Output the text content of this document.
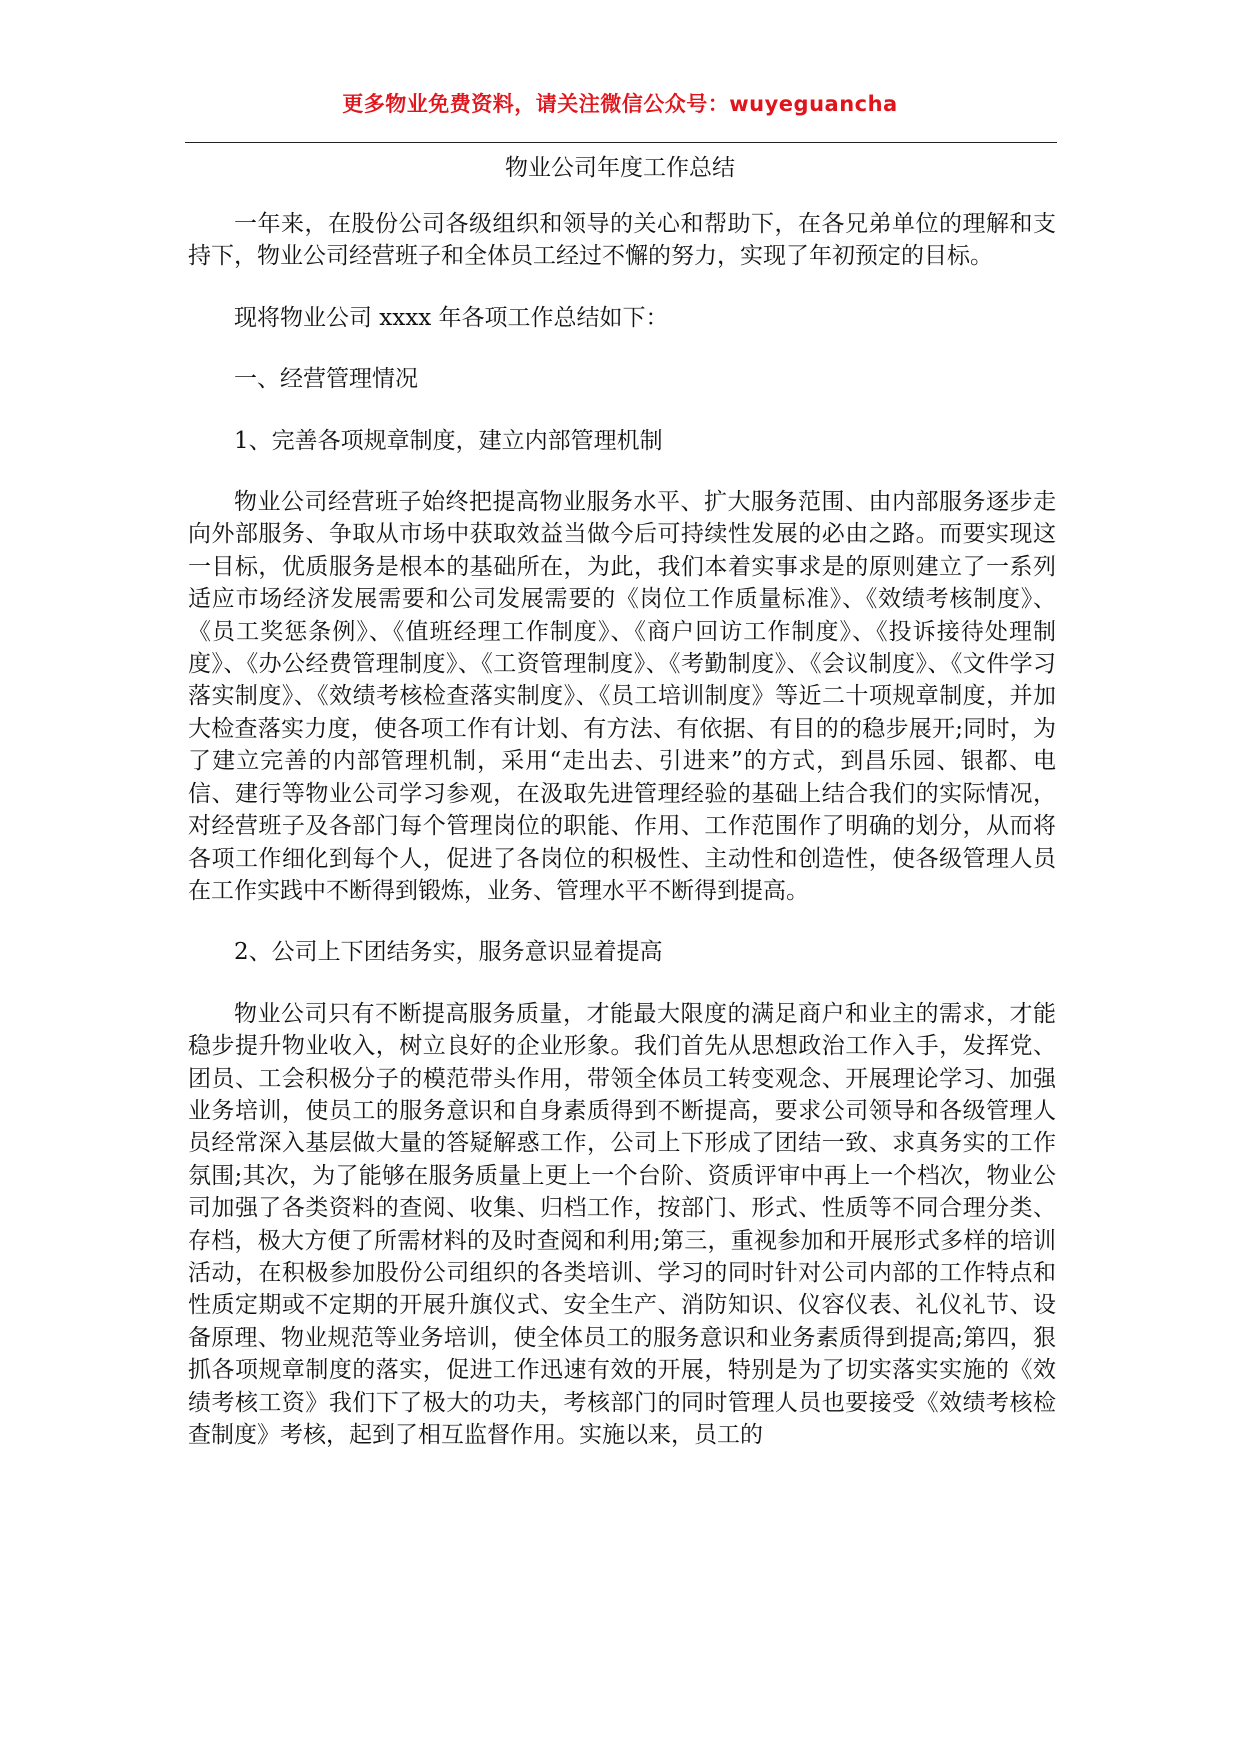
更多物业免费资料，请关注微信公众号：wuyeguancha
物业公司年度工作总结

一年来，在股份公司各级组织和领导的关心和帮助下，在各兄弟单位的理解和支持下，物业公司经营班子和全体员工经过不懈的努力，实现了年初预定的目标。

现将物业公司 xxxx 年各项工作总结如下：

一、经营管理情况

1、完善各项规章制度，建立内部管理机制

物业公司经营班子始终把提高物业服务水平、扩大服务范围、由内部服务逐步走向外部服务、争取从市场中获取效益当做今后可持续性发展的必由之路。而要实现这一目标，优质服务是根本的基础所在，为此，我们本着实事求是的原则建立了一系列适应市场经济发展需要和公司发展需要的《岗位工作质量标准》、《效绩考核制度》、《员工奖惩条例》、《值班经理工作制度》、《商户回访工作制度》、《投诉接待处理制度》、《办公经费管理制度》、《工资管理制度》、《考勤制度》、《会议制度》、《文件学习落实制度》、《效绩考核检查落实制度》、《员工培训制度》等近二十项规章制度，并加大检查落实力度，使各项工作有计划、有方法、有依据、有目的的稳步展开;同时，为了建立完善的内部管理机制，采用“走出去、引进来”的方式，到昌乐园、银都、电信、建行等物业公司学习参观，在汲取先进管理经验的基础上结合我们的实际情况，对经营班子及各部门每个管理岗位的职能、作用、工作范围作了明确的划分，从而将各项工作细化到每个人，促进了各岗位的积极性、主动性和创造性，使各级管理人员在工作实践中不断得到锻炼，业务、管理水平不断得到提高。

2、公司上下团结务实，服务意识显着提高

物业公司只有不断提高服务质量，才能最大限度的满足商户和业主的需求，才能稳步提升物业收入，树立良好的企业形象。我们首先从思想政治工作入手，发挥党、团员、工会积极分子的模范带头作用，带领全体员工转变观念、开展理论学习、加强业务培训，使员工的服务意识和自身素质得到不断提高，要求公司领导和各级管理人员经常深入基层做大量的答疑解惑工作，公司上下形成了团结一致、求真务实的工作氛围;其次，为了能够在服务质量上更上一个台阶、资质评审中再上一个档次，物业公司加强了各类资料的查阅、收集、归档工作，按部门、形式、性质等不同合理分类、存档，极大方便了所需材料的及时查阅和利用;第三，重视参加和开展形式多样的培训活动，在积极参加股份公司组织的各类培训、学习的同时针对公司内部的工作特点和性质定期或不定期的开展升旗仪式、安全生产、消防知识、仪容仪表、礼仪礼节、设备原理、物业规范等业务培训，使全体员工的服务意识和业务素质得到提高;第四，狠抓各项规章制度的落实，促进工作迅速有效的开展，特别是为了切实落实实施的《效绩考核工资》我们下了极大的功夫，考核部门的同时管理人员也要接受《效绩考核检查制度》考核，起到了相互监督作用。实施以来，员工的
